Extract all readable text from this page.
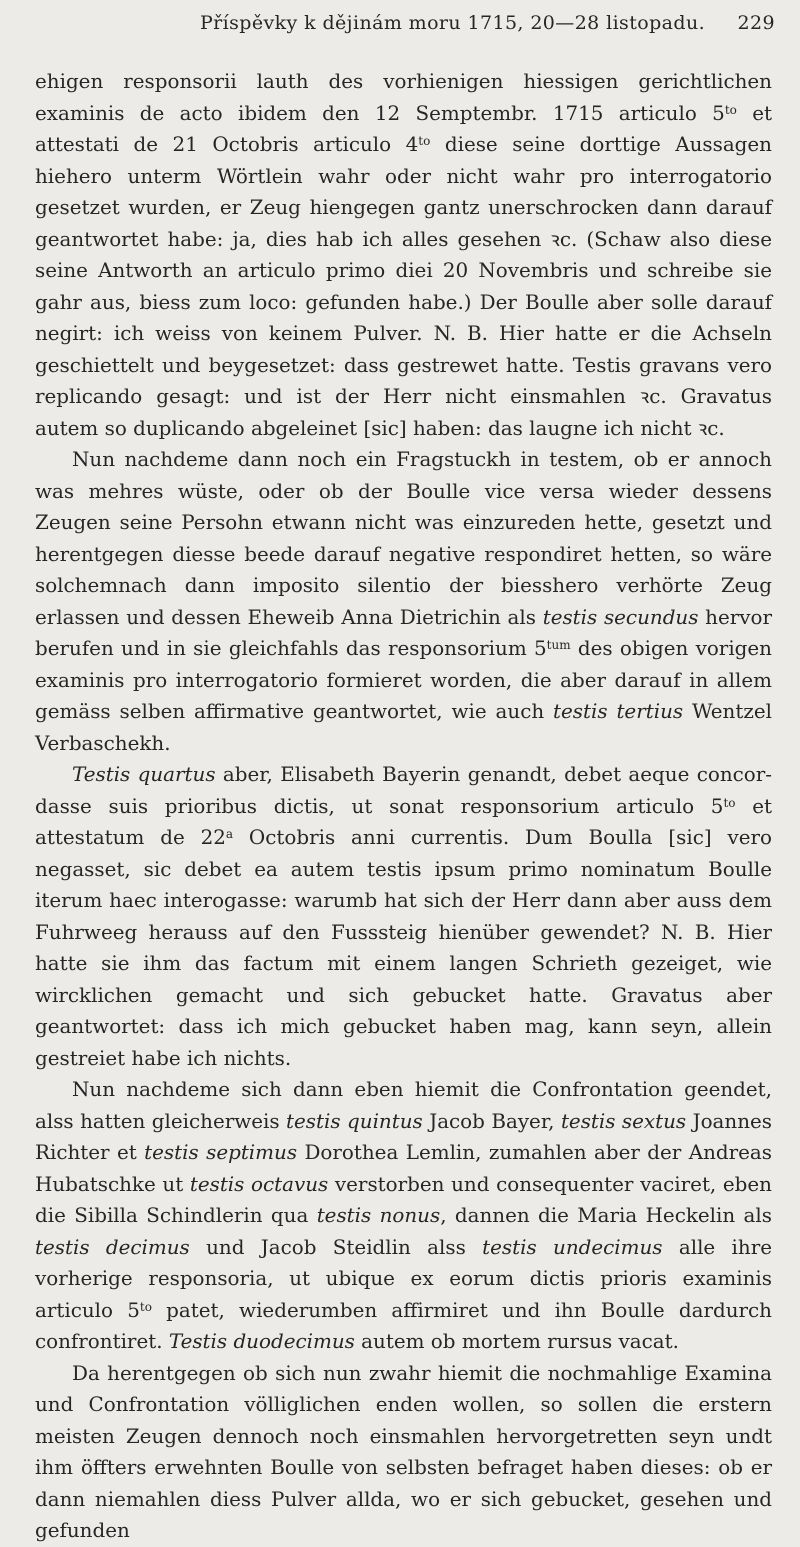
Příspěvky k dějinám moru 1715, 20—28 listopadu. 229

ehigen responsorii lauth des vorhienigen hiessigen gerichtlichen examinis de acto ibidem den 12 Semptembr. 1715 articulo $5^{to}$ et attestati de 21 Octobris articulo $4^{to}$ diese seine dorttige Aussagen hiehero unterm Wörtlein wahr oder nicht wahr pro interrogatorio gesetzet wurden, er Zeug hiengegen gantz unerschrocken dann darauf geantwortet habe: ja, dies hab ich alles gesehen ꝛc. (Schaw also diese seine Antworth an articulo primo diei 20 Novembris und schreibe sie gahr aus, biess zum loco: gefunden habe.) Der Boulle aber solle darauf negirt: ich weiss von keinem Pulver. N. B. Hier hatte er die Achseln geschiettelt und beygesetzet: dass gestrewet hatte. Testis gravans vero replicando gesagt: und ist der Herr nicht einsmahlen ꝛc. Gravatus autem so duplicando abgeleinet [sic] haben: das laugne ich nicht ꝛc.

Nun nachdeme dann noch ein Fragstuckh in testem, ob er annoch was mehres wüste, oder ob der Boulle vice versa wieder dessens Zeugen seine Persohn etwann nicht was einzureden hette, gesetzt und herentgegen diesse beede darauf negative respondiret hetten, so wäre solchemnach dann imposito silentio der biesshero verhörte Zeug erlassen und dessen Eheweib Anna Dietrichin als testis secundus hervor berufen und in sie gleichfahls das responsorium $5^{tum}$ des obigen vorigen examinis pro interrogatorio formieret worden, die aber darauf in allem gemäss selben affirmative geantwortet, wie auch testis tertius Wentzel Verbaschekh.

Testis quartus aber, Elisabeth Bayerin genandt, debet aeque concordasse suis prioribus dictis, ut sonat responsorium articulo $5^{to}$ et attestatum de 22$^a$ Octobris anni currentis. Dum Boulla [sic] vero negasset, sic debet ea autem testis ipsum primo nominatum Boulle iterum haec interogasse: warumb hat sich der Herr dann aber auss dem Fuhrweeg herauss auf den Fusssteig hienüber gewendet? N. B. Hier hatte sie ihm das factum mit einem langen Schrieth gezeiget, wie wircklichen gemacht und sich gebucket hatte. Gravatus aber geantwortet: dass ich mich gebucket haben mag, kann seyn, allein gestreiet habe ich nichts.

Nun nachdeme sich dann eben hiemit die Confrontation geendet, alss hatten gleicherweis testis quintus Jacob Bayer, testis sextus Joannes Richter et testis septimus Dorothea Lemlin, zumahlen aber der Andreas Hubatschke ut testis octavus verstorben und consequenter vaciret, eben die Sibilla Schindlerin qua testis nonus, dannen die Maria Heckelin als testis decimus und Jacob Steidlin alss testis undecimus alle ihre vorherige responsoria, ut ubique ex eorum dictis prioris examinis articulo $5^{to}$ patet, wiederumben affirmiret und ihn Boulle dardurch confrontiret. Testis duodecimus autem ob mortem rursus vacat.

Da herentgegen ob sich nun zwahr hiemit die nochmahlige Examina und Confrontation völliglichen enden wollen, so sollen die erstern meisten Zeugen dennoch noch einsmahlen hervorgetretten seyn undt ihm öffters erwehnten Boulle von selbsten befraget haben dieses: ob er dann niemahlen diess Pulver allda, wo er sich gebucket, gesehen und gefunden
